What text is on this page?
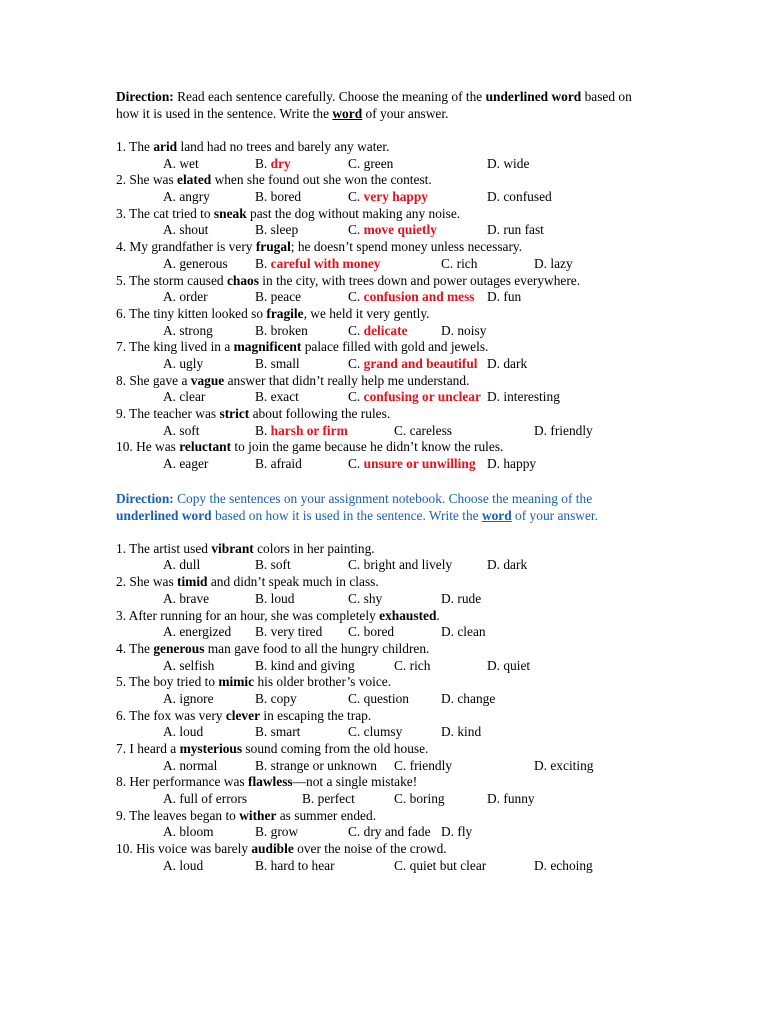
Direction: Read each sentence carefully. Choose the meaning of the underlined word based on how it is used in the sentence. Write the word of your answer.

1. The arid land had no trees and barely any water.
A. wet	B. dry	C. green	D. wide
2. She was elated when she found out she won the contest.
A. angry	B. bored	C. very happy	D. confused
3. The cat tried to sneak past the dog without making any noise.
A. shout	B. sleep	C. move quietly	D. run fast
4. My grandfather is very frugal; he doesn’t spend money unless necessary.
A. generous B. careful with money	C. rich	D. lazy
5. The storm caused chaos in the city, with trees down and power outages everywhere.
A. order	B. peace	C. confusion and mess D. fun
6. The tiny kitten looked so fragile, we held it very gently.
A. strong	B. broken	C. delicate D. noisy
7. The king lived in a magnificent palace filled with gold and jewels.
A. ugly	B. small	C. grand and beautiful D. dark
8. She gave a vague answer that didn’t really help me understand.
A. clear	B. exact	C. confusing or unclear D. interesting
9. The teacher was strict about following the rules.
A. soft	B. harsh or firm	C. careless	D. friendly
10. He was reluctant to join the game because he didn’t know the rules.
A. eager	B. afraid	C. unsure or unwilling D. happy

Direction: Copy the sentences on your assignment notebook. Choose the meaning of the underlined word based on how it is used in the sentence. Write the word of your answer.

1. The artist used vibrant colors in her painting.
A. dull	B. soft	C. bright and lively	D. dark
2. She was timid and didn’t speak much in class.
A. brave	B. loud	C. shy	D. rude
3. After running for an hour, she was completely exhausted.
A. energized B. very tired C. bored	D. clean
4. The generous man gave food to all the hungry children.
A. selfish	B. kind and giving	C. rich	D. quiet
5. The boy tried to mimic his older brother’s voice.
A. ignore	B. copy	C. question D. change
6. The fox was very clever in escaping the trap.
A. loud	B. smart	C. clumsy	D. kind
7. I heard a mysterious sound coming from the old house.
A. normal	B. strange or unknown C. friendly	D. exciting
8. Her performance was flawless—not a single mistake!
A. full of errors	B. perfect	C. boring	D. funny
9. The leaves began to wither as summer ended.
A. bloom	B. grow	C. dry and fade D. fly
10. His voice was barely audible over the noise of the crowd.
A. loud	B. hard to hear	C. quiet but clear	D. echoing
